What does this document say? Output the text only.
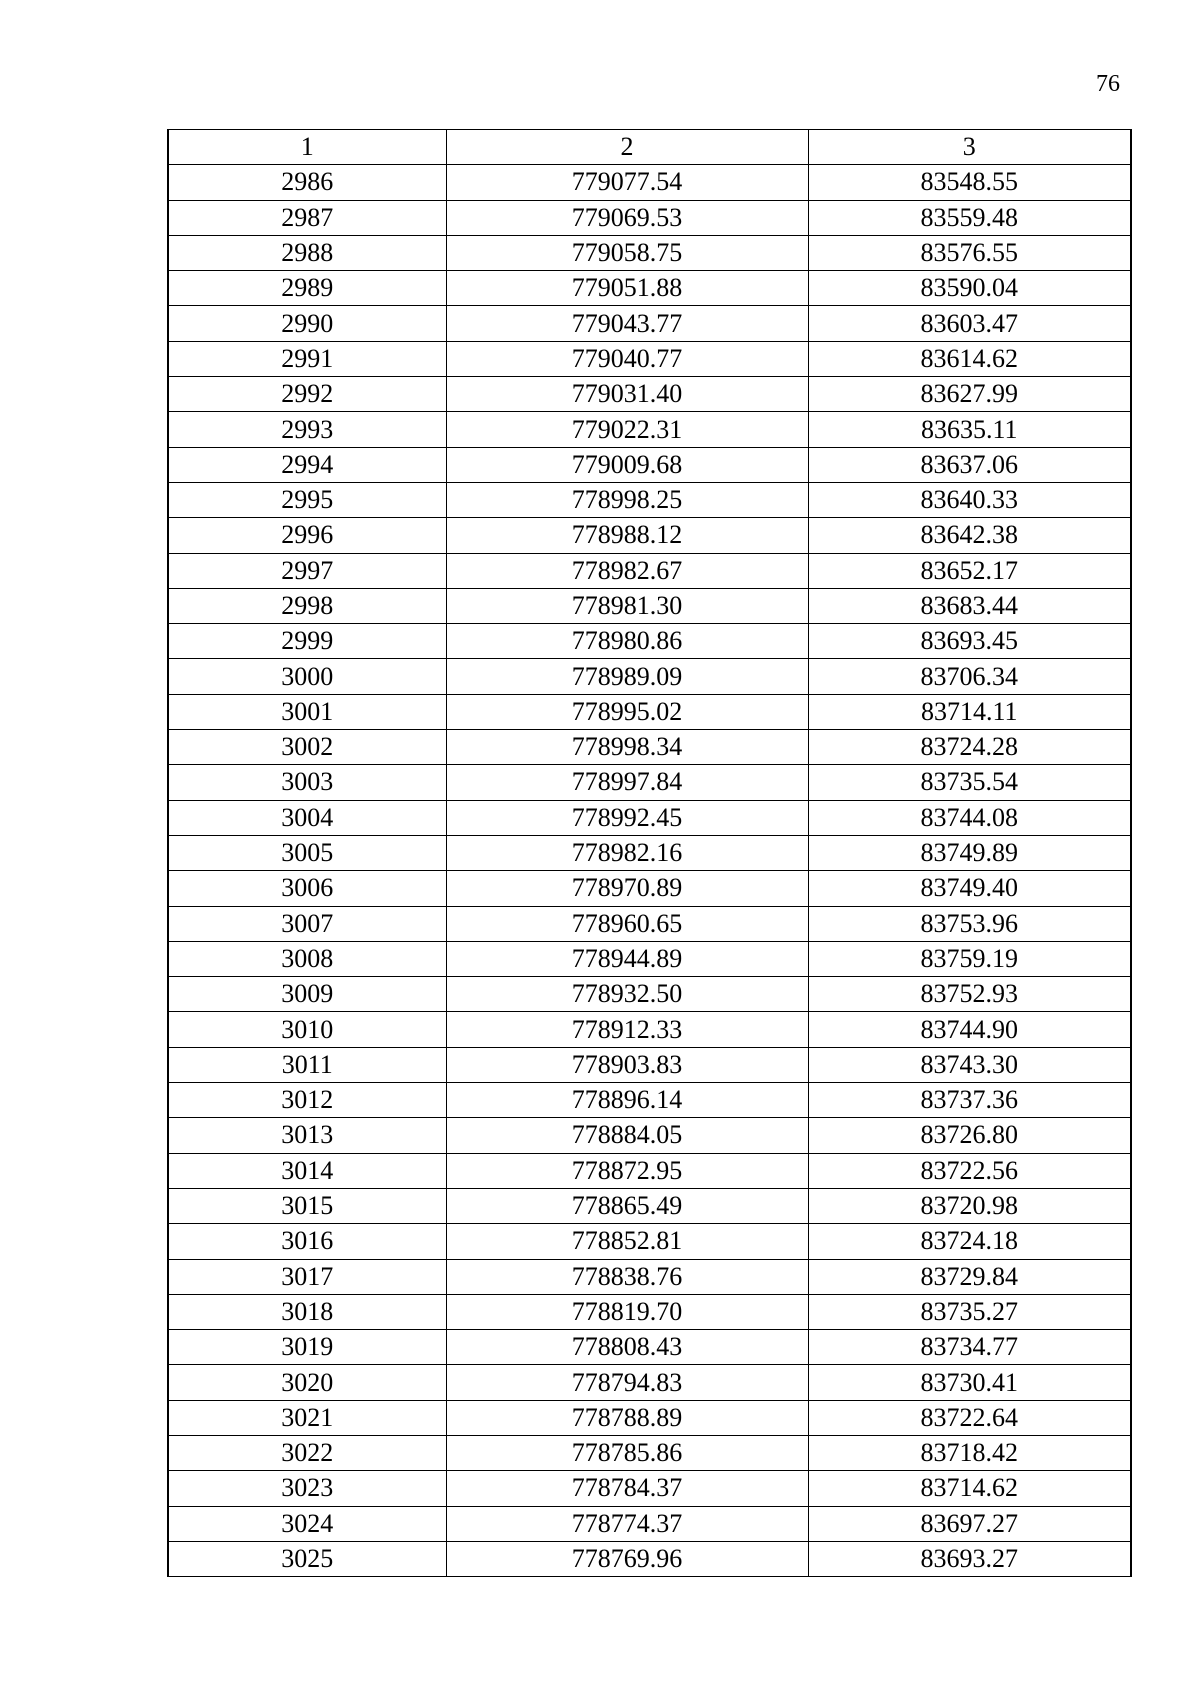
76
1	2	3
2986	779077.54	83548.55
2987	779069.53	83559.48
2988	779058.75	83576.55
2989	779051.88	83590.04
2990	779043.77	83603.47
2991	779040.77	83614.62
2992	779031.40	83627.99
2993	779022.31	83635.11
2994	779009.68	83637.06
2995	778998.25	83640.33
2996	778988.12	83642.38
2997	778982.67	83652.17
2998	778981.30	83683.44
2999	778980.86	83693.45
3000	778989.09	83706.34
3001	778995.02	83714.11
3002	778998.34	83724.28
3003	778997.84	83735.54
3004	778992.45	83744.08
3005	778982.16	83749.89
3006	778970.89	83749.40
3007	778960.65	83753.96
3008	778944.89	83759.19
3009	778932.50	83752.93
3010	778912.33	83744.90
3011	778903.83	83743.30
3012	778896.14	83737.36
3013	778884.05	83726.80
3014	778872.95	83722.56
3015	778865.49	83720.98
3016	778852.81	83724.18
3017	778838.76	83729.84
3018	778819.70	83735.27
3019	778808.43	83734.77
3020	778794.83	83730.41
3021	778788.89	83722.64
3022	778785.86	83718.42
3023	778784.37	83714.62
3024	778774.37	83697.27
3025	778769.96	83693.27
